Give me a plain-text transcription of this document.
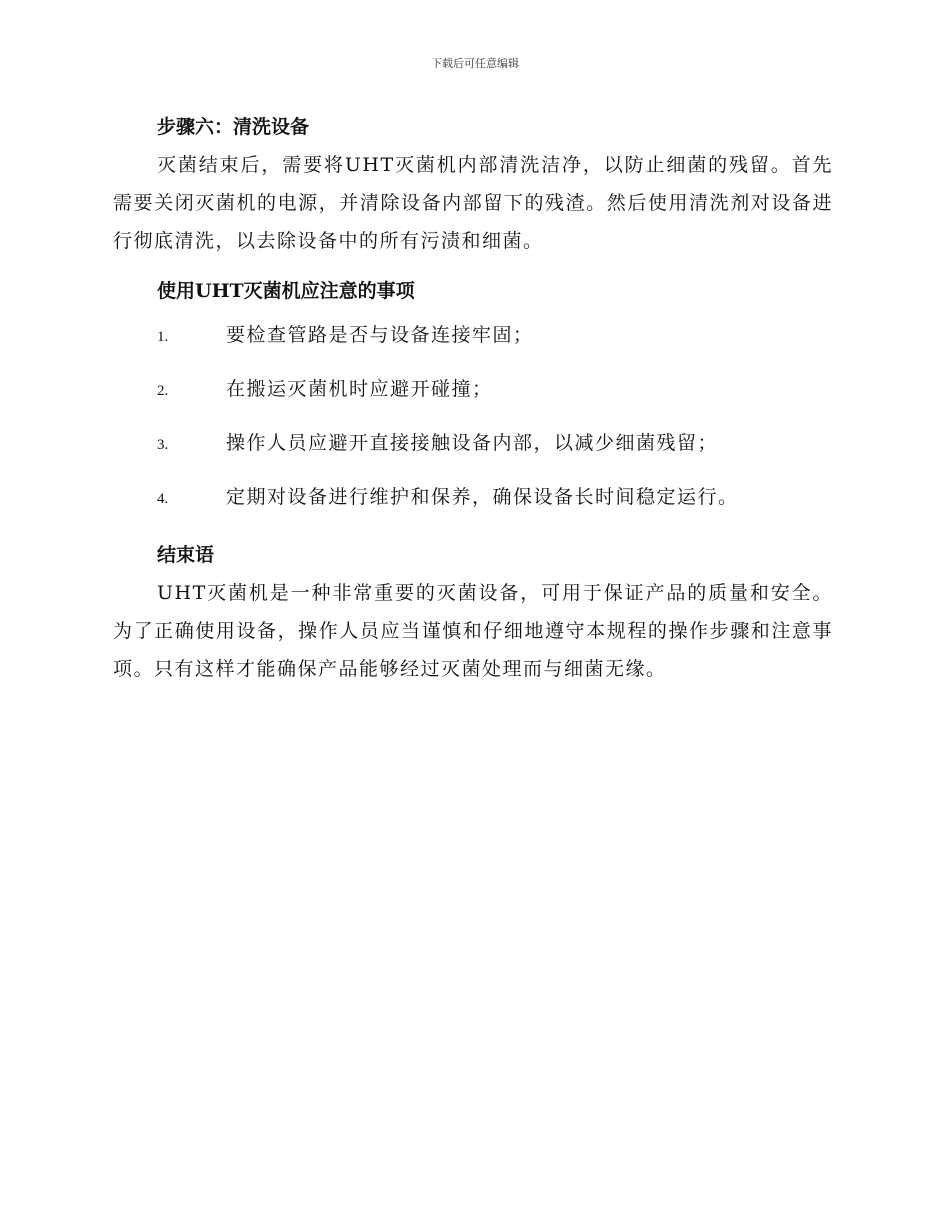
下载后可任意编辑
步骤六：清洗设备

灭菌结束后，需要将UHT灭菌机内部清洗洁净，以防止细菌的残留。首先需要关闭灭菌机的电源，并清除设备内部留下的残渣。然后使用清洗剂对设备进行彻底清洗，以去除设备中的所有污渍和细菌。

使用UHT灭菌机应注意的事项
1.	要检查管路是否与设备连接牢固；
2.	在搬运灭菌机时应避开碰撞；
3.	操作人员应避开直接接触设备内部，以减少细菌残留；
4.	定期对设备进行维护和保养，确保设备长时间稳定运行。
结束语

UHT灭菌机是一种非常重要的灭菌设备，可用于保证产品的质量和安全。为了正确使用设备，操作人员应当谨慎和仔细地遵守本规程的操作步骤和注意事项。只有这样才能确保产品能够经过灭菌处理而与细菌无缘。
